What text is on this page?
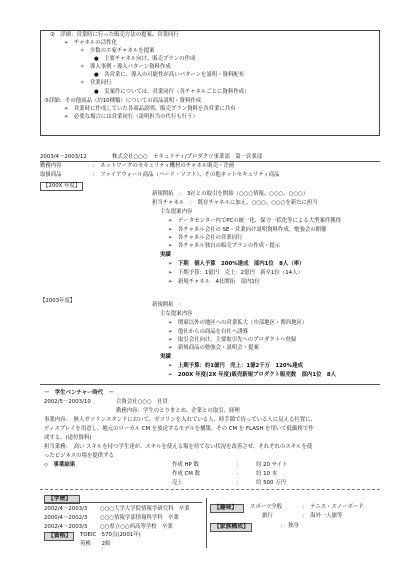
②　詳細：営業時に行った販売方法の提案、営業同行
➢　チャネルの活性化
✧　少数のエ家チャネルを提案
●　主要チャネル向け、販売プランの作成
✧　導入事例・導入パターン資料作成
●　各営業に、導入の可能性が高いパターンを説明・資料配布
✧　営業同行
●　実案件については、営業同行（各チャネルごとに資料作成）
③詳細：その他商品（約10種類）についての商品説明・資料作成
➢　営業時に作成していた各商品説明、販売プラン資料を各営業に共有
➢　必要な場合には営業同行（説明担当の代行も行う）
2003/4～2003/12	株式会社○○○　セキュリティ/プロダクツ事業部　第一営業部
勤務内容	：　ネットワークのセキュリティ機材のチャネル販売・企画
取扱商品	：　ファイアウォール商品（ハード・ソフト）、その他ネットセキュリティ商品
【200X 年度】
新規開拓　：　3社との取引を開始（○○○情報、○○○、○○○）
担当チャネル　：　既存チャネルに加え、○○○、○○○を新たに担当
主な提案内容
➢　データセンター内でPCの統一化、保守一括化等による大型案件獲得
➢　各チャネル会社の SE・営業向け説明資料作成、勉強会の開催
➢　各チャネル会社の営業同行
➢　各チャネル独自の販売プランの作成・提示
実績
➢　下期　個人予算　200%達成　部内1位　8人（率）
➢　下期予算：1億円　売上：2億円　新卒1位（14人）
➢　新規チャネル　4社開拓　部内1位
【2003年度】
新規開拓　：
主な提案内容
➢　関東以外の地区への営業拡大（中部地区・関西地区）
➢　他社からの商品を自社へ誘導
➢　取引会社向け、主要取引先へのプロダクトへ登録
➢　新規商品の勉強会・説明会・提案
実績
➢　上期予算：約1億円　売上：1億2千万　120%達成
➢　200X 年度(2X 年度)販売新規プロダクト販売数　部内1位　8人
－　学生ベンチャー時代　－
2002/5～2003/10	合資会社○○○　社員
勤務内容：学生のとりまとめ、企業との取引、経理
事業内容：　無人ガソリンスタンドにおいて、ガソリンを入れている人、時手隙で待っている人に見える位置に、
ディスプレイを用意し、地元のローカル CM を放送するモデルを構築。その CM を FLASH を用いて低価格で作
成する。(途付資料)
担当業務：　高い スキルを持つ学生達が、スキルを使える場を持てない状況を改善させ、それぞれのスキルを使
ったビジネスの場を提供する
◇　事業結果	作成 HP 数	：	約 20 サイト
作成 CM 数	：	約 10 本
売上	：	約 500 万円
【学歴】
2002/4～2003/3 ○○○大学大学院情報学研究科　卒業
2000/4～2002/3 ○○○情報学部情報科学科　卒業
2002/4～2003/3 ○○県立○○西高等学校　卒業
【資格】	TOEIC　570点(2001年)
英検　　2級
【趣味】	スポーツ全般	：　テニス・スノーボード
旅行	：　海外一人旅等
【家族構成】	：　独身
